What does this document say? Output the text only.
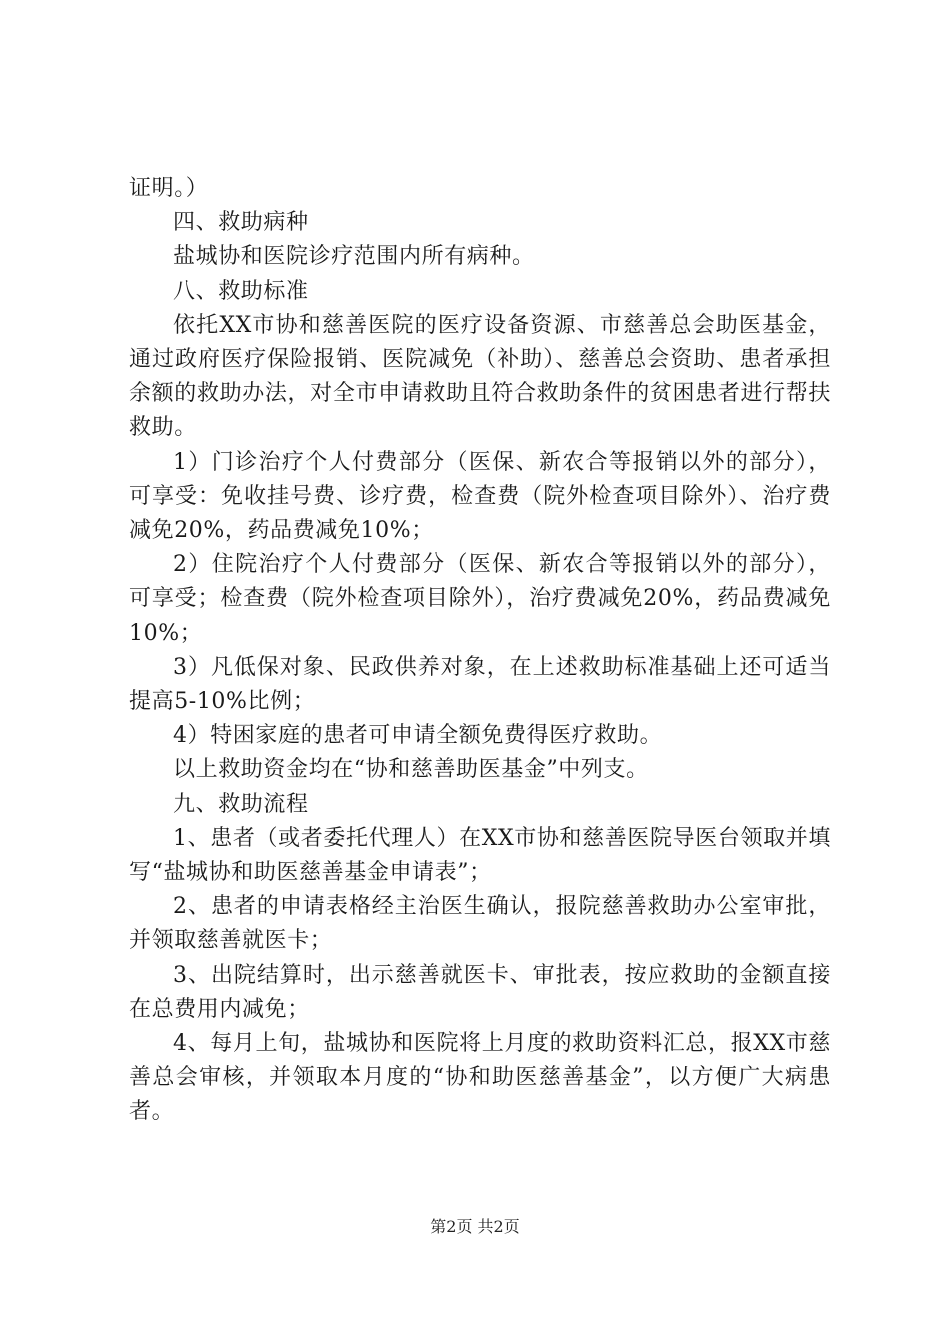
证明。）

四、救助病种

盐城协和医院诊疗范围内所有病种。

八、救助标准

依托XX市协和慈善医院的医疗设备资源、市慈善总会助医基金，通过政府医疗保险报销、医院减免（补助）、慈善总会资助、患者承担余额的救助办法，对全市申请救助且符合救助条件的贫困患者进行帮扶救助。

1）门诊治疗个人付费部分（医保、新农合等报销以外的部分），可享受：免收挂号费、诊疗费，检查费（院外检查项目除外）、治疗费减免20%，药品费减免10%；

2）住院治疗个人付费部分（医保、新农合等报销以外的部分），可享受；检查费（院外检查项目除外），治疗费减免20%，药品费减免10%；

3）凡低保对象、民政供养对象，在上述救助标准基础上还可适当提高5-10%比例；

4）特困家庭的患者可申请全额免费得医疗救助。

以上救助资金均在“协和慈善助医基金”中列支。

九、救助流程

1、患者（或者委托代理人）在XX市协和慈善医院导医台领取并填写“盐城协和助医慈善基金申请表”；

2、患者的申请表格经主治医生确认，报院慈善救助办公室审批，并领取慈善就医卡；

3、出院结算时，出示慈善就医卡、审批表，按应救助的金额直接在总费用内减免；

4、每月上旬，盐城协和医院将上月度的救助资料汇总，报XX市慈善总会审核，并领取本月度的“协和助医慈善基金”，以方便广大病患者。

第2页 共2页
